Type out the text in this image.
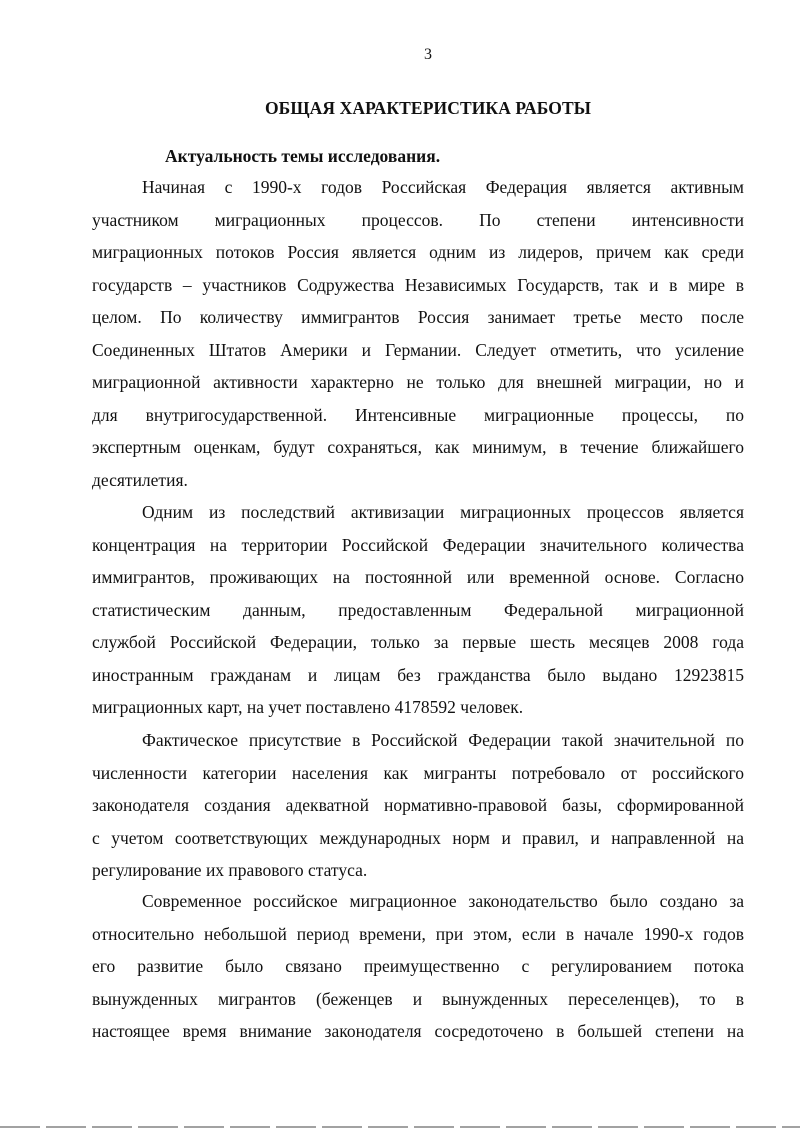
3
ОБЩАЯ ХАРАКТЕРИСТИКА РАБОТЫ
Актуальность темы исследования.

Начиная с 1990-х годов Российская Федерация является активным
участником миграционных процессов. По степени интенсивности
миграционных потоков Россия является одним из лидеров, причем как среди
государств – участников Содружества Независимых Государств, так и в мире в
целом. По количеству иммигрантов Россия занимает третье место после
Соединенных Штатов Америки и Германии. Следует отметить, что усиление
миграционной активности характерно не только для внешней миграции, но и
для внутригосударственной. Интенсивные миграционные процессы, по
экспертным оценкам, будут сохраняться, как минимум, в течение ближайшего
десятилетия.

Одним из последствий активизации миграционных процессов является
концентрация на территории Российской Федерации значительного количества
иммигрантов, проживающих на постоянной или временной основе. Согласно
статистическим данным, предоставленным Федеральной миграционной
службой Российской Федерации, только за первые шесть месяцев 2008 года
иностранным гражданам и лицам без гражданства было выдано 12923815
миграционных карт, на учет поставлено 4178592 человек.

Фактическое присутствие в Российской Федерации такой значительной по
численности категории населения как мигранты потребовало от российского
законодателя создания адекватной нормативно-правовой базы, сформированной
с учетом соответствующих международных норм и правил, и направленной на
регулирование их правового статуса.

Современное российское миграционное законодательство было создано за
относительно небольшой период времени, при этом, если в начале 1990-х годов
его развитие было связано преимущественно с регулированием потока
вынужденных мигрантов (беженцев и вынужденных переселенцев), то в
настоящее время внимание законодателя сосредоточено в большей степени на
